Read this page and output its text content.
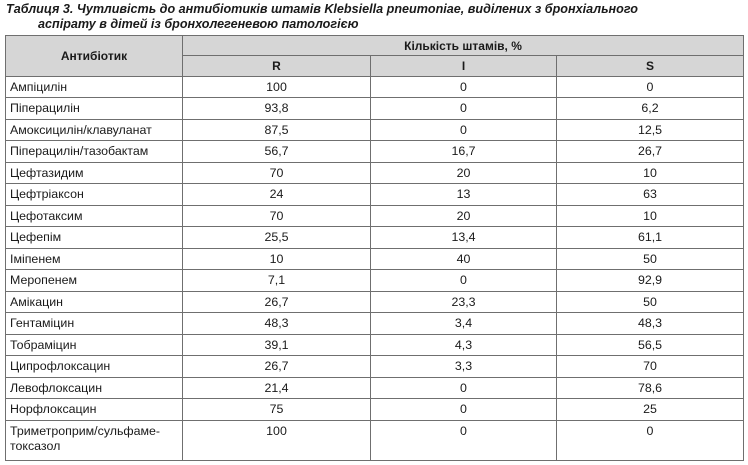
Таблиця 3. Чутливість до антибіотиків штамів Klebsiella pneumoniae, виділених з бронхіального
аспірату в дітей із бронхолегеневою патологією
Антибіотик	Кількість штамів, %		
	R	I	S
Ампіцилін	100	0	0
Піперацилін	93,8	0	6,2
Амоксицилін/клавуланат	87,5	0	12,5
Піперацилін/тазобактам	56,7	16,7	26,7
Цефтазидим	70	20	10
Цефтріаксон	24	13	63
Цефотаксим	70	20	10
Цефепім	25,5	13,4	61,1
Іміпенем	10	40	50
Меропенем	7,1	0	92,9
Амікацин	26,7	23,3	50
Гентаміцин	48,3	3,4	48,3
Тобраміцин	39,1	4,3	56,5
Ципрофлоксацин	26,7	3,3	70
Левофлоксацин	21,4	0	78,6
Норфлоксацин	75	0	25
Триметроприм/сульфаме-
токсазол	100	0	0
